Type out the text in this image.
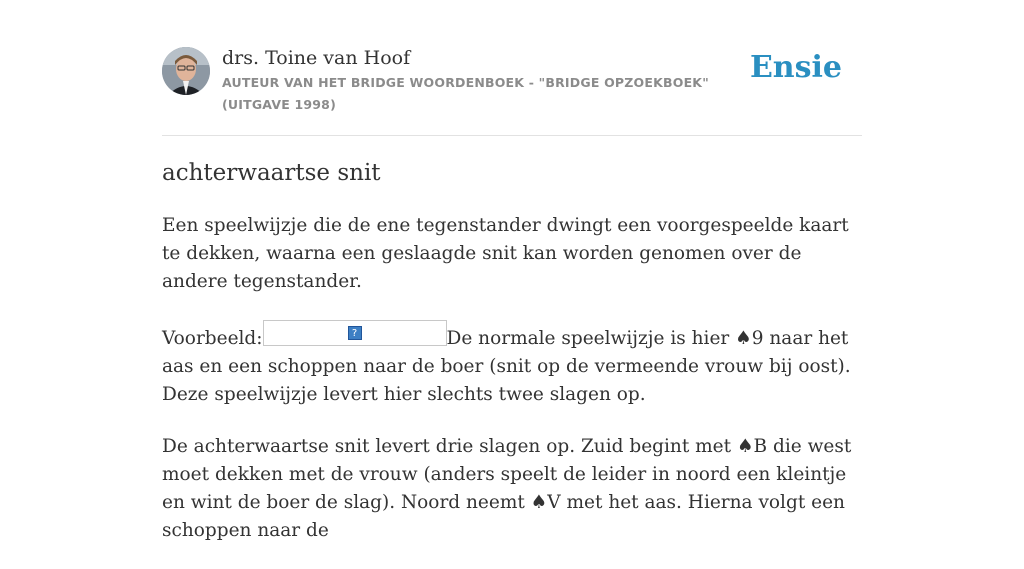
drs. Toine van Hoof
AUTEUR VAN HET BRIDGE WOORDENBOEK - "BRIDGE OPZOEKBOEK" (UITGAVE 1998)
Ensie
achterwaartse snit

Een speelwijzje die de ene tegenstander dwingt een voorgespeelde kaart te dekken, waarna een geslaagde snit kan worden genomen over de andere tegenstander.

Voorbeeld:	?	De normale speelwijzje is hier ♠9 naar het aas en een schoppen naar de boer (snit op de vermeende vrouw bij oost). Deze speelwijzje levert hier slechts twee slagen op.

De achterwaartse snit levert drie slagen op. Zuid begint met ♠B die west moet dekken met de vrouw (anders speelt de leider in noord een kleintje en wint de boer de slag). Noord neemt ♠V met het aas. Hierna volgt een schoppen naar de
